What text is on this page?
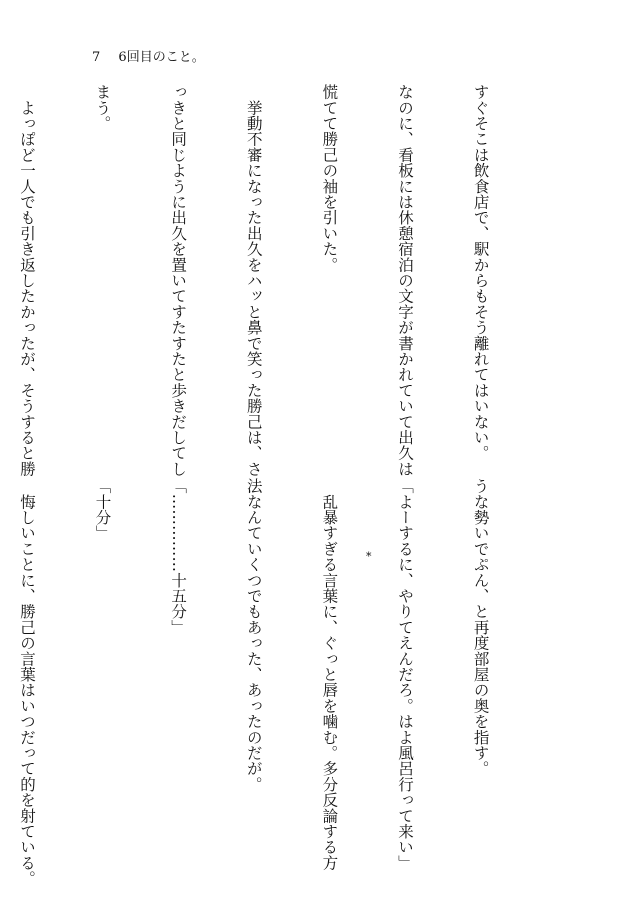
7 6回目のこと。

すぐそこは飲食店で、駅からもそう離れてはいない。

なのに、看板には休憩宿泊の文字が書かれていて出久は

慌てて勝己の袖を引いた。

　挙動不審になった出久をハッと鼻で笑った勝己は、さ

っきと同じように出久を置いてすたすたと歩きだしてし

まう。

　よっぽど一人でも引き返したかったが、そうすると勝

*

	うな勢いでぷん、と再度部屋の奥を指す。

「よーするに、やりてえんだろ。はよ風呂行って来い」

　乱暴すぎる言葉に、ぐっと唇を噛む。多分反論する方

法なんていくつでもあった、あったのだが。

「……………十五分」

「十分」

　悔しいことに、勝己の言葉はいつだって的を射ている。
